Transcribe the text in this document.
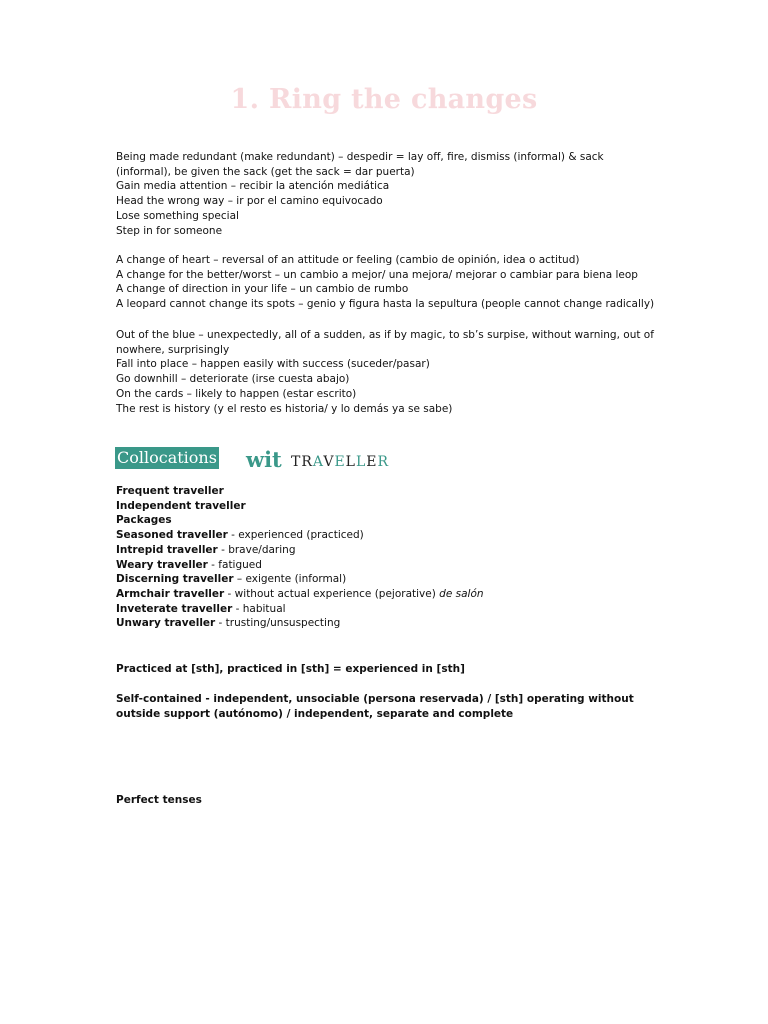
1. Ring the changes
Being made redundant (make redundant) – despedir = lay off, fire, dismiss (informal) & sack
(informal), be given the sack (get the sack = dar puerta)
Gain media attention – recibir la atención mediática
Head the wrong way – ir por el camino equivocado
Lose something special
Step in for someone
A change of heart – reversal of an attitude or feeling (cambio de opinión, idea o actitud)
A change for the better/worst – un cambio a mejor/ una mejora/ mejorar o cambiar para biena leop
A change of direction in your life – un cambio de rumbo
A leopard cannot change its spots – genio y figura hasta la sepultura (people cannot change radically)
Out of the blue – unexpectedly, all of a sudden, as if by magic, to sb’s surpise, without warning, out of
nowhere, surprisingly
Fall into place – happen easily with success (suceder/pasar)
Go downhill – deteriorate (irse cuesta abajo)
On the cards – likely to happen (estar escrito)
The rest is history (y el resto es historia/ y lo demás ya se sabe)
Collocations wit TRAVELLER
Frequent traveller
Independent traveller
Packages
Seasoned traveller - experienced (practiced)
Intrepid traveller - brave/daring
Weary traveller - fatigued
Discerning traveller – exigente (informal)
Armchair traveller - without actual experience (pejorative) de salón
Inveterate traveller - habitual
Unwary traveller - trusting/unsuspecting
Practiced at [sth], practiced in [sth] = experienced in [sth]
Self-contained - independent, unsociable (persona reservada) / [sth] operating without outside support (autónomo) / independent, separate and complete
Perfect tenses
